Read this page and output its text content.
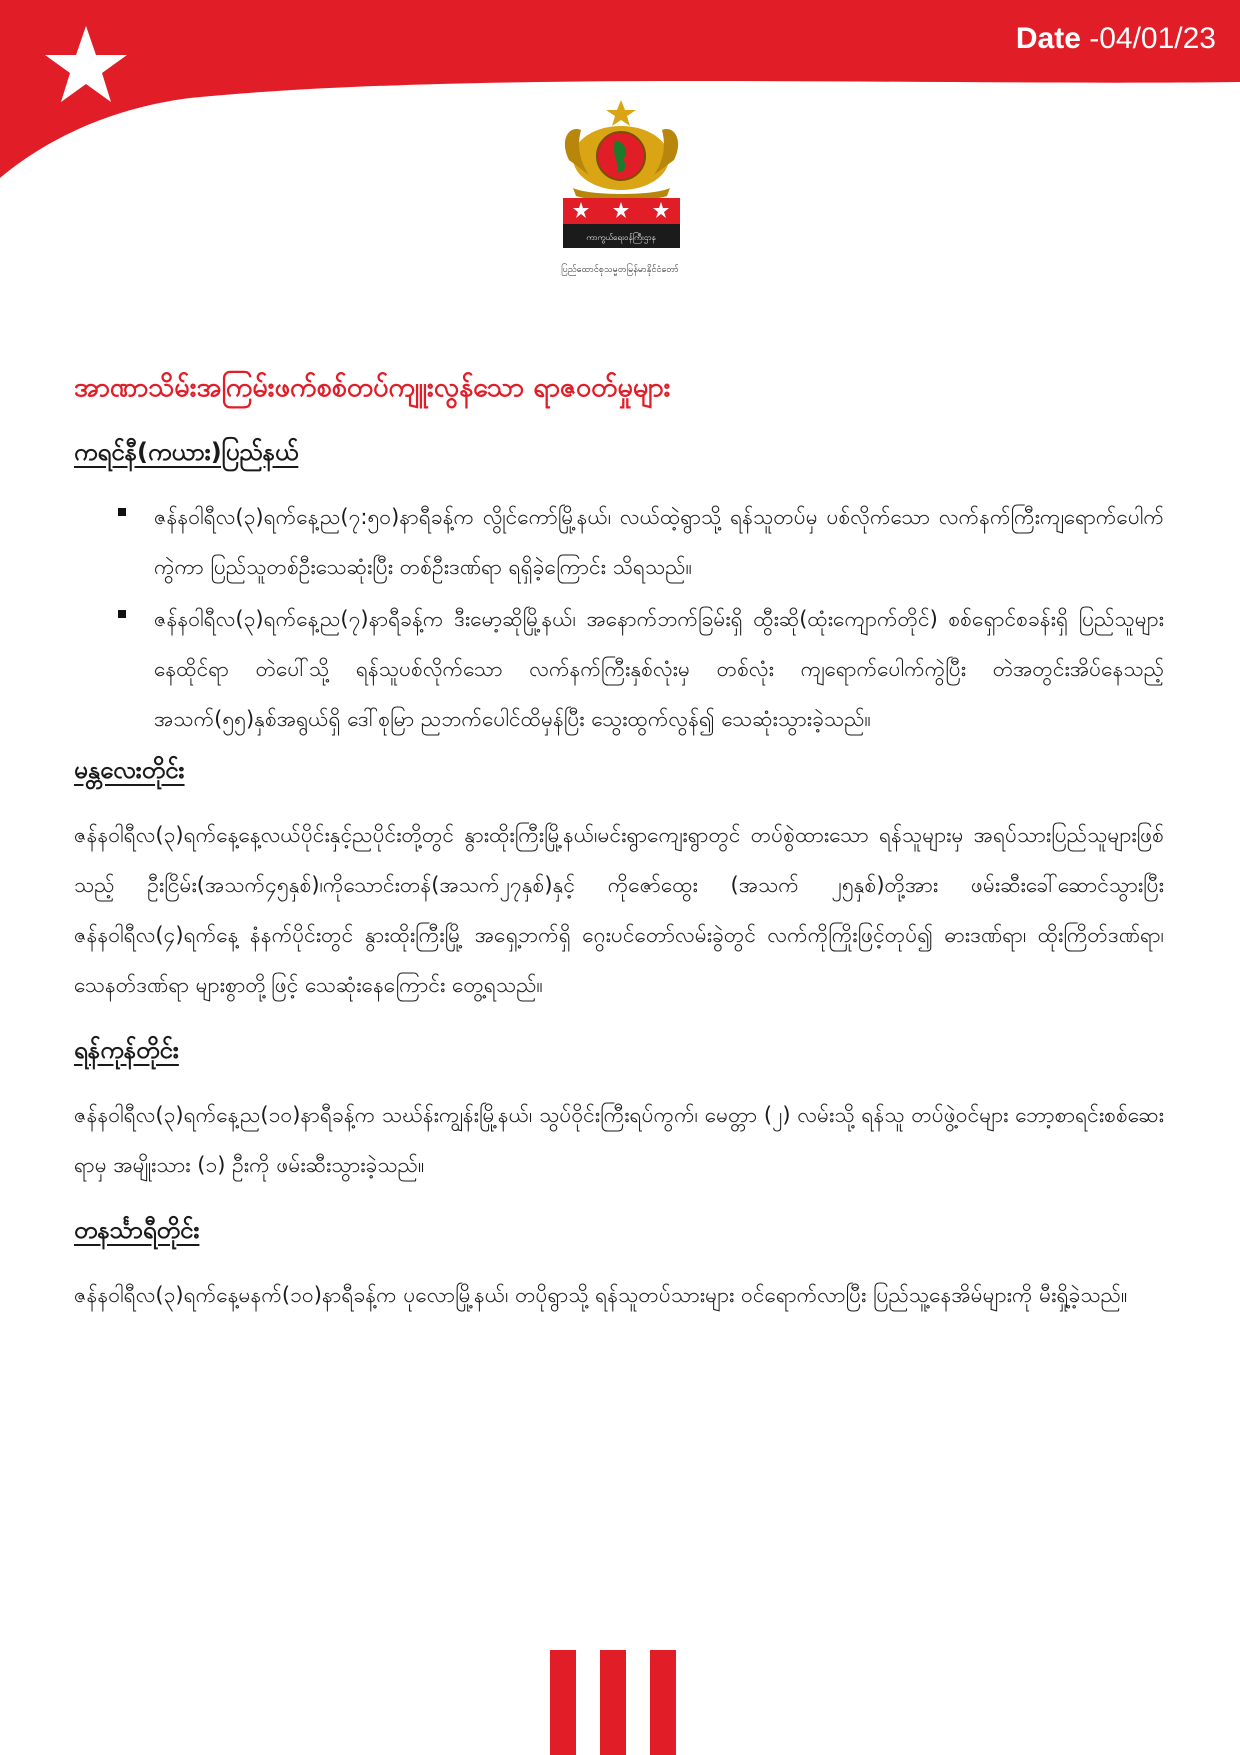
Date -04/01/23
ကာကွယ်ရေးဝန်ကြီးဌာန
ပြည်ထောင်စုသမ္မတမြန်မာနိုင်ငံတော်
အာဏာသိမ်းအကြမ်းဖက်စစ်တပ်ကျူးလွန်သော ရာဇဝတ်မှုများ
ကရင်နီ(ကယား)ပြည်နယ်
ဇန်နဝါရီလ(၃)ရက်နေ့ည(၇:၅၀)နာရီခန့်က လွိုင်ကော်မြို့နယ်၊ လယ်ထဲ့ရွာသို့ ရန်သူတပ်မှ ပစ်လိုက်သော လက်နက်ကြီးကျရောက်ပေါက်ကွဲကာ ပြည်သူတစ်ဦးသေဆုံးပြီး တစ်ဦးဒဏ်ရာ ရရှိခဲ့ကြောင်း သိရသည်။
ဇန်နဝါရီလ(၃)ရက်နေ့ည(၇)နာရီခန့်က ဒီးမော့ဆိုမြို့နယ်၊ အနောက်ဘက်ခြမ်းရှိ ထွီးဆို(ထုံးကျောက်တိုင်) စစ်ရှောင်စခန်းရှိ ပြည်သူများနေထိုင်ရာ တဲပေါ်သို့ ရန်သူပစ်လိုက်သော လက်နက်ကြီးနှစ်လုံးမှ တစ်လုံး ကျရောက်ပေါက်ကွဲပြီး တဲအတွင်းအိပ်နေသည့် အသက်(၅၅)နှစ်အရွယ်ရှိ ဒေါ်စုမြာ ညဘက်ပေါင်ထိမှန်ပြီး သွေးထွက်လွန်၍ သေဆုံးသွားခဲ့သည်။
မန္တလေးတိုင်း

ဇန်နဝါရီလ(၃)ရက်နေ့နေ့လယ်ပိုင်းနှင့်ညပိုင်းတို့တွင် နွားထိုးကြီးမြို့နယ်၊မင်းရွာကျေးရွာတွင် တပ်စွဲထားသော ရန်သူများမှ အရပ်သားပြည်သူများဖြစ်သည့် ဦးငြိမ်း(အသက်၄၅နှစ်)၊ကိုသောင်းတန်(အသက်၂၇နှစ်)နှင့် ကိုဇော်ထွေး (အသက် ၂၅နှစ်)တို့အား ဖမ်းဆီးခေါ်ဆောင်သွားပြီး ဇန်နဝါရီလ(၄)ရက်နေ့ နံနက်ပိုင်းတွင် နွားထိုးကြီးမြို့ အရှေ့ဘက်ရှိ ဂွေးပင်တော်လမ်းခွဲတွင် လက်ကိုကြိုးဖြင့်တုပ်၍ ဓားဒဏ်ရာ၊ ထိုးကြိတ်ဒဏ်ရာ၊ သေနတ်ဒဏ်ရာ များစွာတို့ဖြင့် သေဆုံးနေကြောင်း တွေ့ရသည်။

ရန်ကုန်တိုင်း

ဇန်နဝါရီလ(၃)ရက်နေ့ည(၁၀)နာရီခန့်က သဃ်န်းကျွန်းမြို့နယ်၊ သွပ်ဝိုင်းကြီးရပ်ကွက်၊ မေတ္တာ (၂) လမ်းသို့ ရန်သူ တပ်ဖွဲ့ဝင်များ ဘော့စာရင်းစစ်ဆေးရာမှ အမျိုးသား (၁) ဦးကို ဖမ်းဆီးသွားခဲ့သည်။

တနင်္သာရီတိုင်း

ဇန်နဝါရီလ(၃)ရက်နေ့မနက်(၁၀)နာရီခန့်က ပုလောမြို့နယ်၊ တပိုရွာသို့ ရန်သူတပ်သားများ ဝင်ရောက်လာပြီး ပြည်သူ့နေအိမ်များကို မီးရှို့ခဲ့သည်။
